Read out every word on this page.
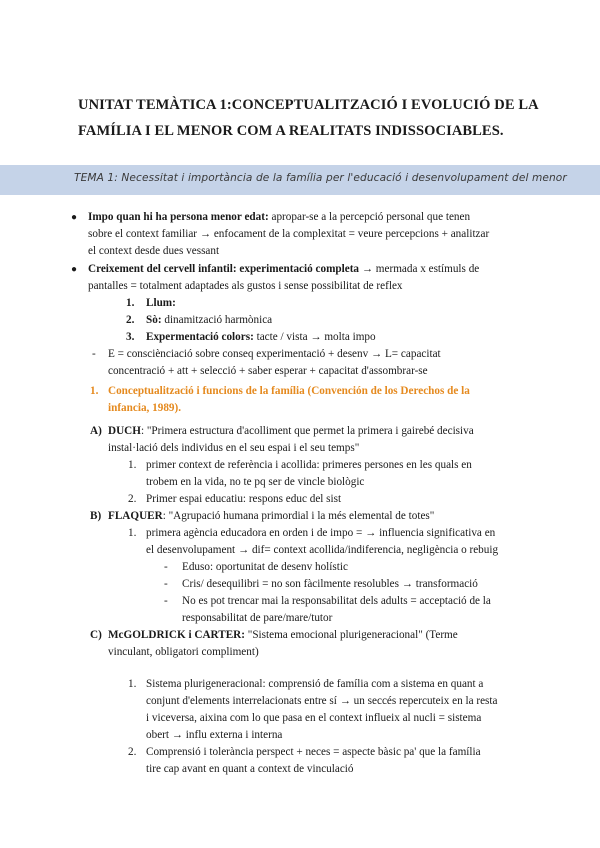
UNITAT TEMÀTICA 1:CONCEPTUALITZACIÓ I EVOLUCIÓ DE LA
FAMÍLIA I EL MENOR COM A REALITATS INDISSOCIABLES.
TEMA 1: Necessitat i importància de la família per l'educació i desenvolupament del menor
● Impo quan hi ha persona menor edat: apropar-se a la percepció personal que tenen
sobre el context familiar → enfocament de la complexitat = veure percepcions + analitzar
el context desde dues vessant
● Creixement del cervell infantil: experimentació completa → mermada x estímuls de
pantalles = totalment adaptades als gustos i sense possibilitat de reflex
1. Llum:
2. Sò: dinamització harmònica
3. Expermentació colors: tacte / vista → molta impo
- E = consciènciació sobre conseq experimentació + desenv → L= capacitat
concentració + att + selecció + saber esperar + capacitat d'assombrar-se
1. Conceptualització i funcions de la família (Convención de los Derechos de la
infancia, 1989).
A) DUCH: "Primera estructura d'acolliment que permet la primera i gairebé decisiva
instal·lació dels individus en el seu espai i el seu temps"
1. primer context de referència i acollida: primeres persones en les quals en
trobem en la vida, no te pq ser de vincle biològic
2. Primer espai educatiu: respons educ del sist
B) FLAQUER: "Agrupació humana primordial i la més elemental de totes"
1. primera agència educadora en orden i de impo = → influencia significativa en
el desenvolupament → dif= context acollida/indiferencia, negligència o rebuig
- Eduso: oportunitat de desenv holístic
- Cris/ desequilibri = no son fàcilmente resolubles → transformació
- No es pot trencar mai la responsabilitat dels adults = acceptació de la
responsabilitat de pare/mare/tutor
C) McGOLDRICK i CARTER: "Sistema emocional plurigeneracional" (Terme
vinculant, obligatori compliment)
1. Sistema plurigeneracional: comprensió de família com a sistema en quant a
conjunt d'elements interrelacionats entre sí → un seccés repercuteix en la resta
i viceversa, aixina com lo que pasa en el context influeix al nucli = sistema
obert → influ externa i interna
2. Comprensió i tolerància perspect + neces = aspecte bàsic pa' que la família
tire cap avant en quant a context de vinculació
